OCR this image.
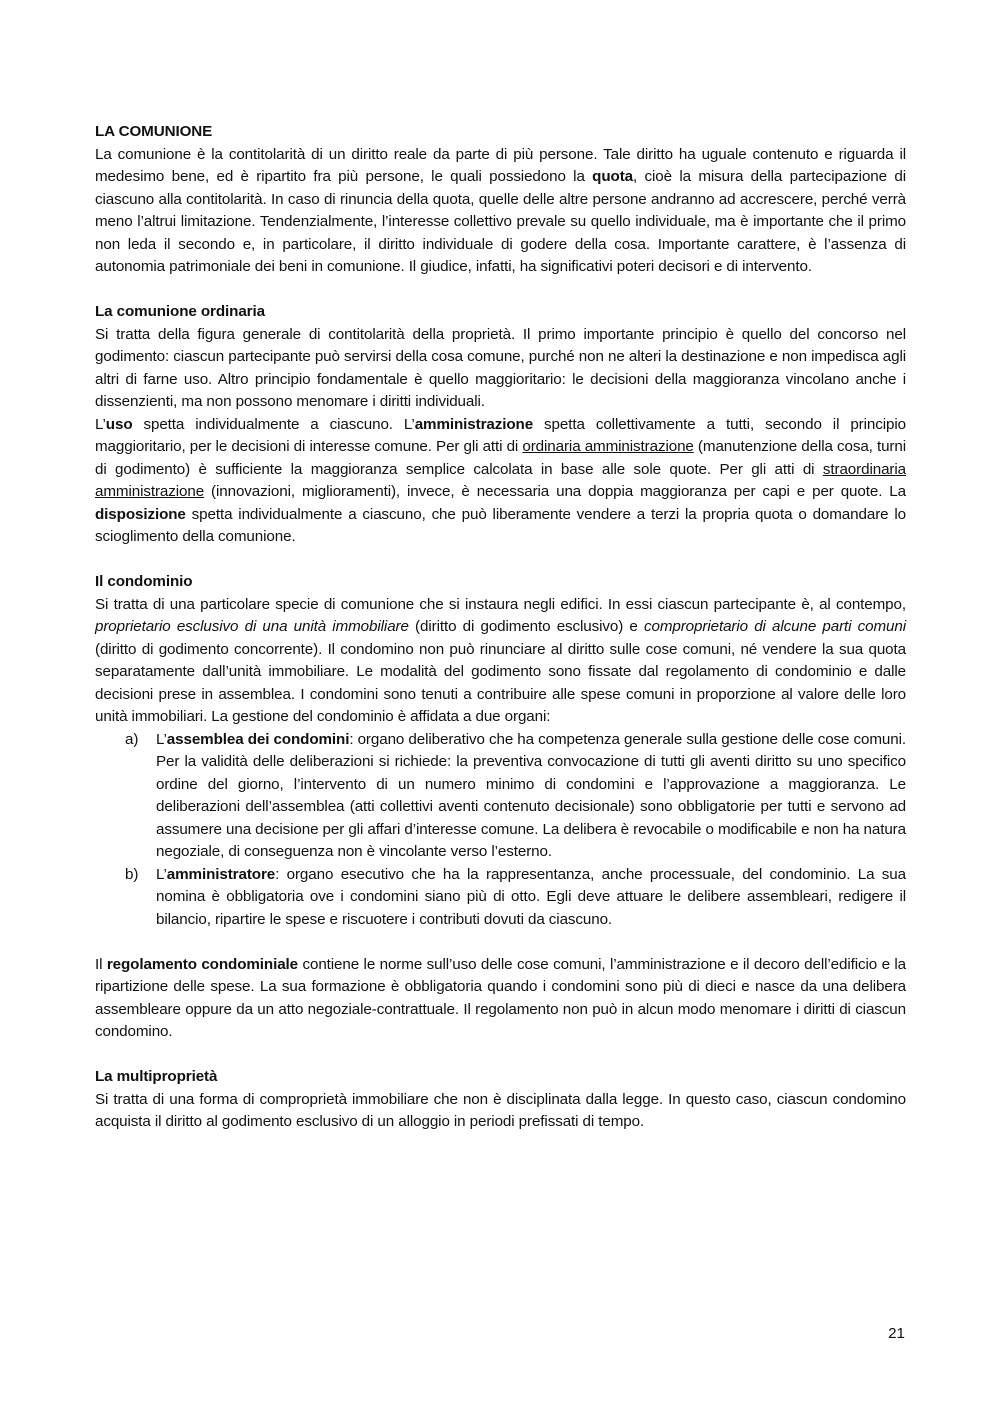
LA COMUNIONE

La comunione è la contitolarità di un diritto reale da parte di più persone. Tale diritto ha uguale contenuto e riguarda il medesimo bene, ed è ripartito fra più persone, le quali possiedono la quota, cioè la misura della partecipazione di ciascuno alla contitolarità. In caso di rinuncia della quota, quelle delle altre persone andranno ad accrescere, perché verrà meno l’altrui limitazione. Tendenzialmente, l’interesse collettivo prevale su quello individuale, ma è importante che il primo non leda il secondo e, in particolare, il diritto individuale di godere della cosa. Importante carattere, è l’assenza di autonomia patrimoniale dei beni in comunione. Il giudice, infatti, ha significativi poteri decisori e di intervento.

La comunione ordinaria

Si tratta della figura generale di contitolarità della proprietà. Il primo importante principio è quello del concorso nel godimento: ciascun partecipante può servirsi della cosa comune, purché non ne alteri la destinazione e non impedisca agli altri di farne uso. Altro principio fondamentale è quello maggioritario: le decisioni della maggioranza vincolano anche i dissenzienti, ma non possono menomare i diritti individuali.

L’uso spetta individualmente a ciascuno. L’amministrazione spetta collettivamente a tutti, secondo il principio maggioritario, per le decisioni di interesse comune. Per gli atti di ordinaria amministrazione (manutenzione della cosa, turni di godimento) è sufficiente la maggioranza semplice calcolata in base alle sole quote. Per gli atti di straordinaria amministrazione (innovazioni, miglioramenti), invece, è necessaria una doppia maggioranza per capi e per quote. La disposizione spetta individualmente a ciascuno, che può liberamente vendere a terzi la propria quota o domandare lo scioglimento della comunione.

Il condominio

Si tratta di una particolare specie di comunione che si instaura negli edifici. In essi ciascun partecipante è, al contempo, proprietario esclusivo di una unità immobiliare (diritto di godimento esclusivo) e comproprietario di alcune parti comuni (diritto di godimento concorrente). Il condomino non può rinunciare al diritto sulle cose comuni, né vendere la sua quota separatamente dall’unità immobiliare. Le modalità del godimento sono fissate dal regolamento di condominio e dalle decisioni prese in assemblea. I condomini sono tenuti a contribuire alle spese comuni in proporzione al valore delle loro unità immobiliari. La gestione del condominio è affidata a due organi:

a) L’assemblea dei condomini: organo deliberativo che ha competenza generale sulla gestione delle cose comuni. Per la validità delle deliberazioni si richiede: la preventiva convocazione di tutti gli aventi diritto su uno specifico ordine del giorno, l’intervento di un numero minimo di condomini e l’approvazione a maggioranza. Le deliberazioni dell’assemblea (atti collettivi aventi contenuto decisionale) sono obbligatorie per tutti e servono ad assumere una decisione per gli affari d’interesse comune. La delibera è revocabile o modificabile e non ha natura negoziale, di conseguenza non è vincolante verso l’esterno.
b) L’amministratore: organo esecutivo che ha la rappresentanza, anche processuale, del condominio. La sua nomina è obbligatoria ove i condomini siano più di otto. Egli deve attuare le delibere assembleari, redigere il bilancio, ripartire le spese e riscuotere i contributi dovuti da ciascuno.

Il regolamento condominiale contiene le norme sull’uso delle cose comuni, l’amministrazione e il decoro dell’edificio e la ripartizione delle spese. La sua formazione è obbligatoria quando i condomini sono più di dieci e nasce da una delibera assembleare oppure da un atto negoziale-contrattuale. Il regolamento non può in alcun modo menomare i diritti di ciascun condomino.

La multiproprietà

Si tratta di una forma di comproprietà immobiliare che non è disciplinata dalla legge. In questo caso, ciascun condomino acquista il diritto al godimento esclusivo di un alloggio in periodi prefissati di tempo.

21
